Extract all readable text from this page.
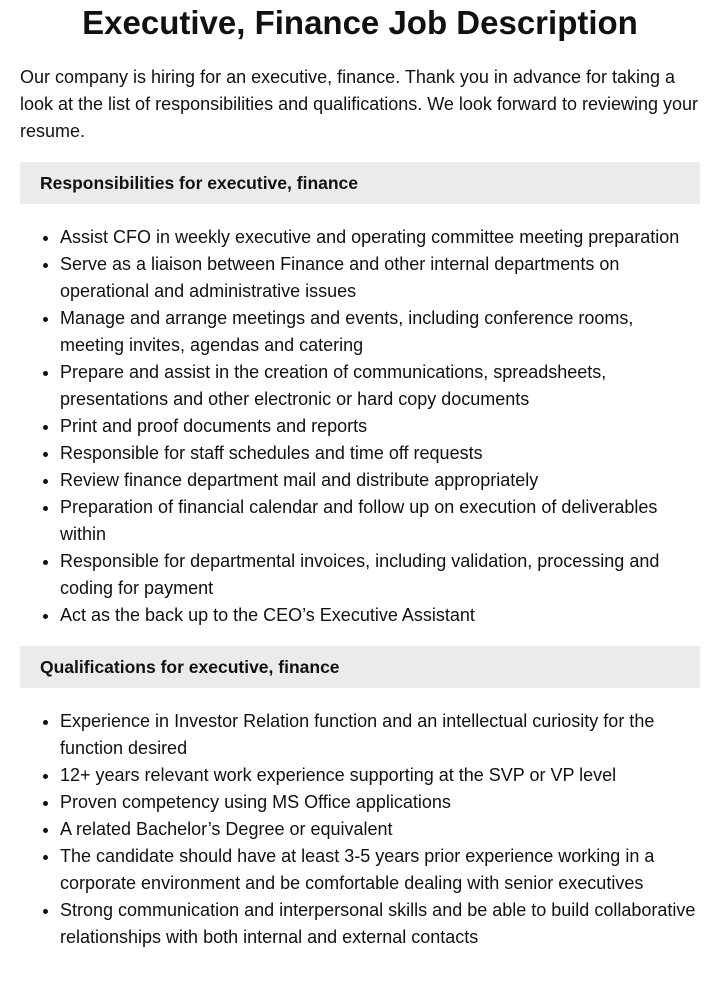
Executive, Finance Job Description

Our company is hiring for an executive, finance. Thank you in advance for taking a look at the list of responsibilities and qualifications. We look forward to reviewing your resume.

Responsibilities for executive, finance
• Assist CFO in weekly executive and operating committee meeting preparation
• Serve as a liaison between Finance and other internal departments on operational and administrative issues
• Manage and arrange meetings and events, including conference rooms, meeting invites, agendas and catering
• Prepare and assist in the creation of communications, spreadsheets, presentations and other electronic or hard copy documents
• Print and proof documents and reports
• Responsible for staff schedules and time off requests
• Review finance department mail and distribute appropriately
• Preparation of financial calendar and follow up on execution of deliverables within
• Responsible for departmental invoices, including validation, processing and coding for payment
• Act as the back up to the CEO’s Executive Assistant
Qualifications for executive, finance
• Experience in Investor Relation function and an intellectual curiosity for the function desired
• 12+ years relevant work experience supporting at the SVP or VP level
• Proven competency using MS Office applications
• A related Bachelor’s Degree or equivalent
• The candidate should have at least 3-5 years prior experience working in a corporate environment and be comfortable dealing with senior executives
• Strong communication and interpersonal skills and be able to build collaborative relationships with both internal and external contacts
